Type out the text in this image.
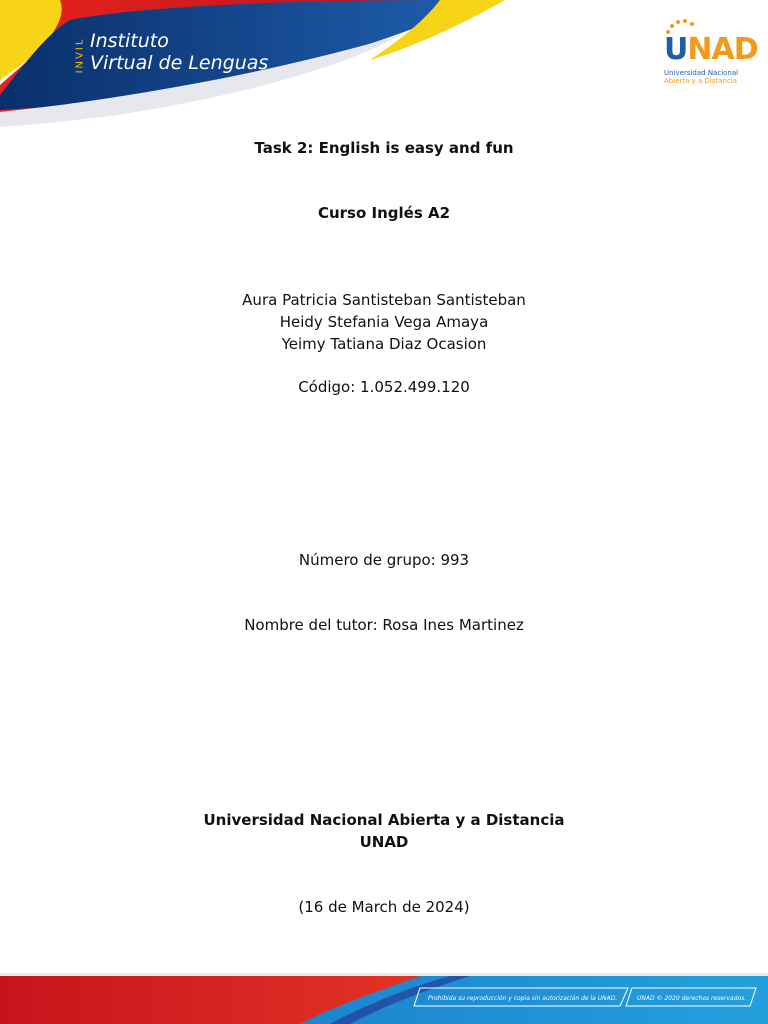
INVIL Instituto
Virtual de Lenguas	UNAD
Universidad Nacional
Abierta y a Distancia
Task 2: English is easy and fun
Curso Inglés A2
Aura Patricia Santisteban Santisteban
Heidy Stefania Vega Amaya
Yeimy Tatiana Diaz Ocasion
Código: 1.052.499.120
Número de grupo: 993
Nombre del tutor: Rosa Ines Martinez
Universidad Nacional Abierta y a Distancia
UNAD
(16 de March de 2024)
Prohibida su reproducción y copia sin autorización de la UNAD.	UNAD © 2020 derechos reservados.
